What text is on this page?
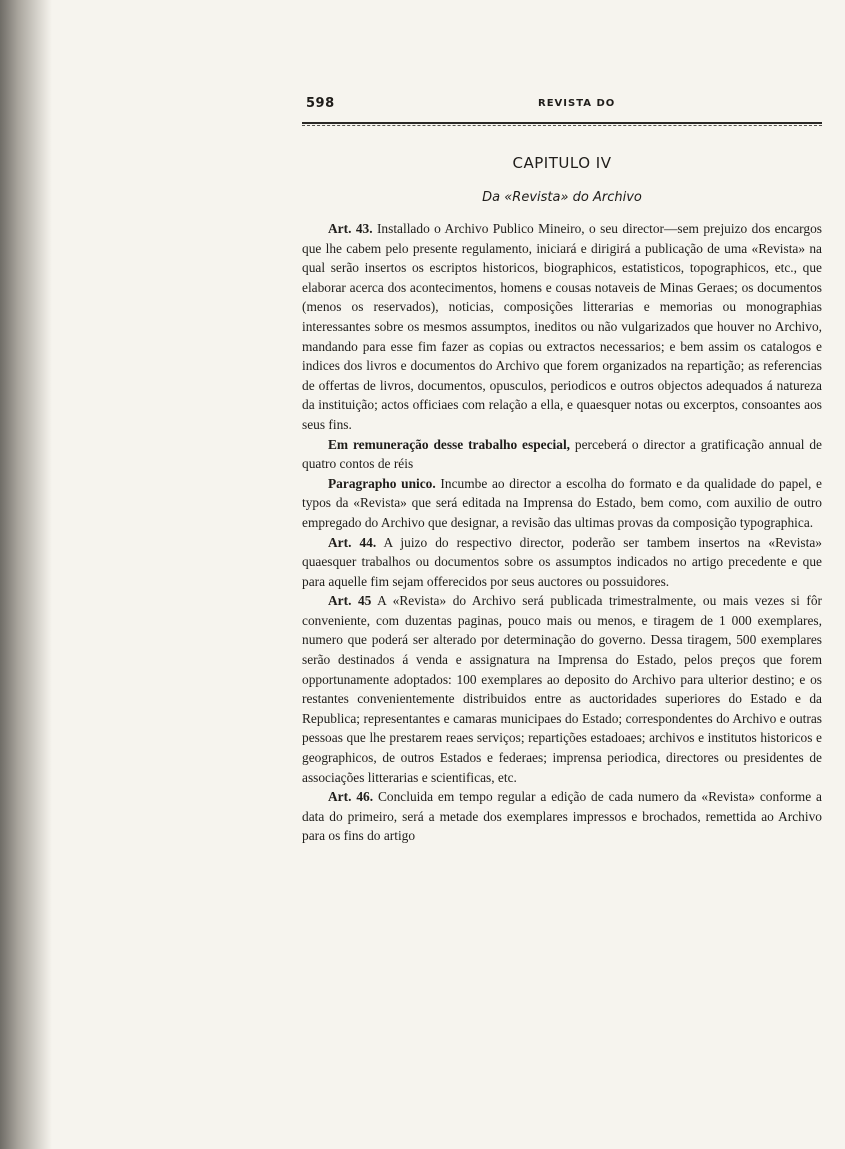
598	REVISTA DO
CAPITULO IV
Da «Revista» do Archivo

Art. 43. Installado o Archivo Publico Mineiro, o seu director—sem prejuizo dos encargos que lhe cabem pelo presente regulamento, iniciará e dirigirá a publicação de uma «Revista» na qual serão insertos os escriptos historicos, biographicos, estatisticos, topographicos, etc., que elaborar acerca dos acontecimentos, homens e cousas notaveis de Minas Geraes; os documentos (menos os reservados), noticias, composições litterarias e memorias ou monographias interessantes sobre os mesmos assumptos, ineditos ou não vulgarizados que houver no Archivo, mandando para esse fim fazer as copias ou extractos necessarios; e bem assim os catalogos e indices dos livros e documentos do Archivo que forem organizados na repartição; as referencias de offertas de livros, documentos, opusculos, periodicos e outros objectos adequados á natureza da instituição; actos officiaes com relação a ella, e quaesquer notas ou excerptos, consoantes aos seus fins.

Em remuneração desse trabalho especial, perceberá o director a gratificação annual de quatro contos de réis

Paragrapho unico. Incumbe ao director a escolha do formato e da qualidade do papel, e typos da «Revista» que será editada na Imprensa do Estado, bem como, com auxilio de outro empregado do Archivo que designar, a revisão das ultimas provas da composição typographica.

Art. 44. A juizo do respectivo director, poderão ser tambem insertos na «Revista» quaesquer trabalhos ou documentos sobre os assumptos indicados no artigo precedente e que para aquelle fim sejam offerecidos por seus auctores ou possuidores.

Art. 45 A «Revista» do Archivo será publicada trimestralmente, ou mais vezes si fôr conveniente, com duzentas paginas, pouco mais ou menos, e tiragem de 1 000 exemplares, numero que poderá ser alterado por determinação do governo. Dessa tiragem, 500 exemplares serão destinados á venda e assignatura na Imprensa do Estado, pelos preços que forem opportunamente adoptados: 100 exemplares ao deposito do Archivo para ulterior destino; e os restantes convenientemente distribuidos entre as auctoridades superiores do Estado e da Republica; representantes e camaras municipaes do Estado; correspondentes do Archivo e outras pessoas que lhe prestarem reaes serviços; repartições estadoaes; archivos e institutos historicos e geographicos, de outros Estados e federaes; imprensa periodica, directores ou presidentes de associações litterarias e scientificas, etc.

Art. 46. Concluida em tempo regular a edição de cada numero da «Revista» conforme a data do primeiro, será a metade dos exemplares impressos e brochados, remettida ao Archivo para os fins do artigo
